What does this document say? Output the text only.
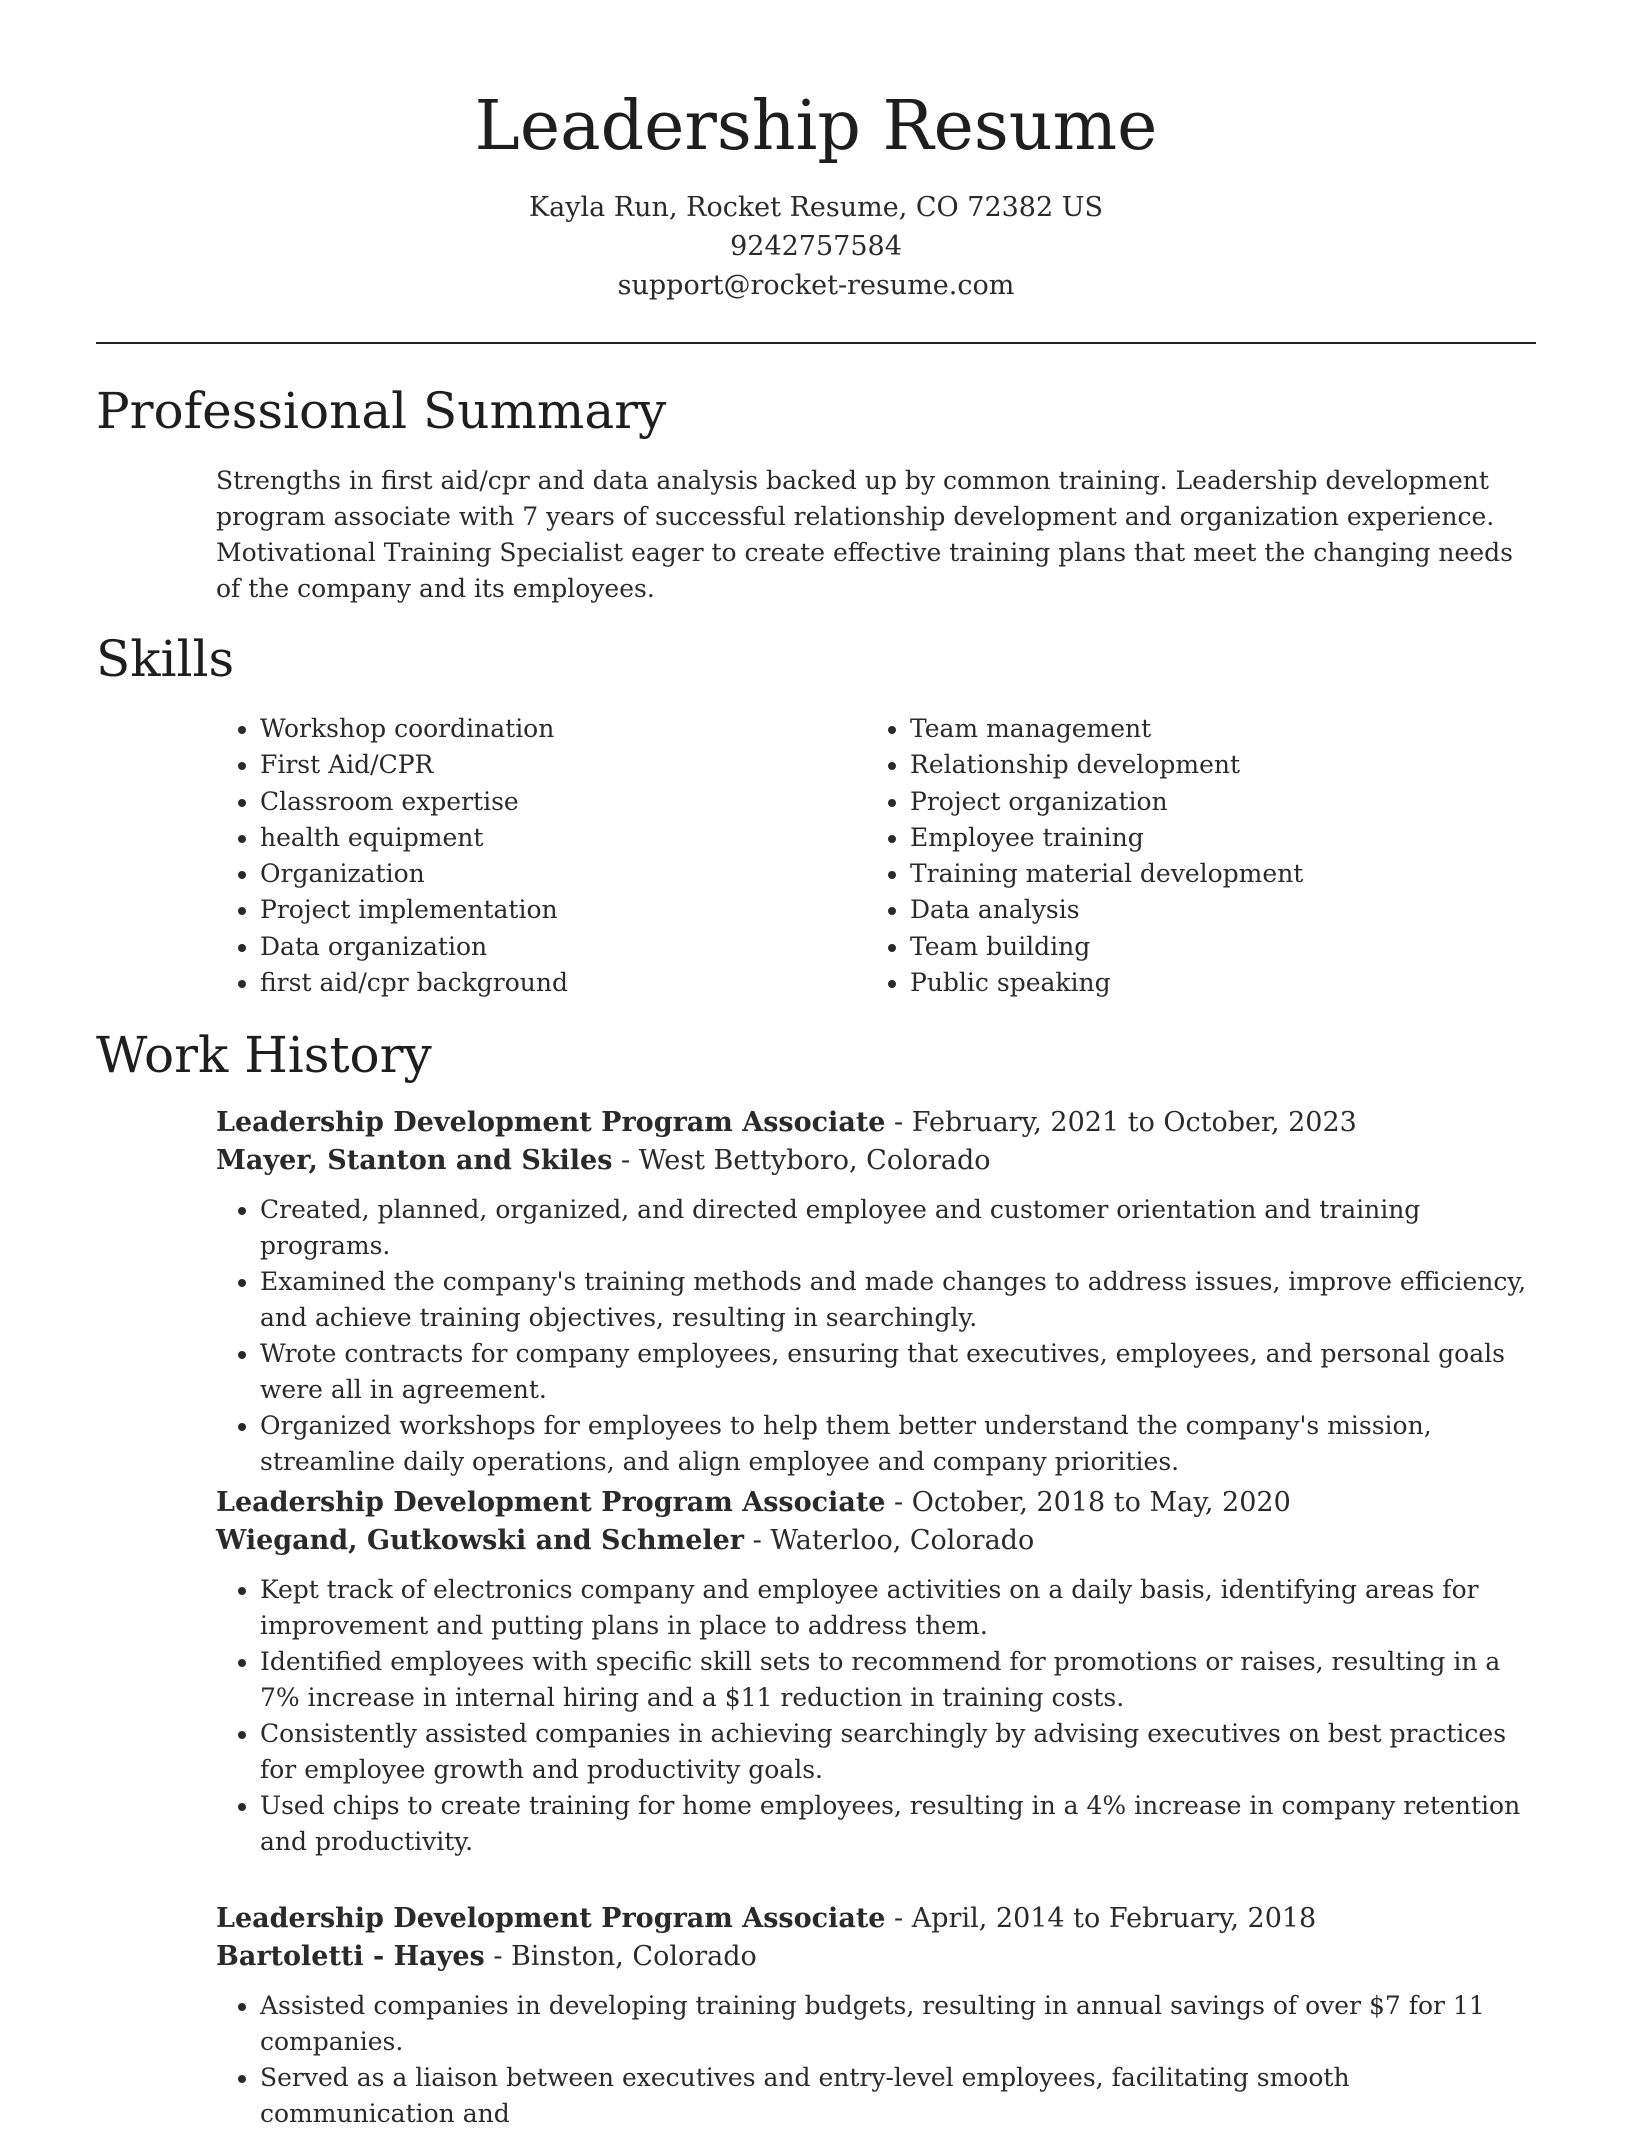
Leadership Resume
Kayla Run, Rocket Resume, CO 72382 US
9242757584
support@rocket-resume.com
Professional Summary

Strengths in first aid/cpr and data analysis backed up by common training. Leadership development program associate with 7 years of successful relationship development and organization experience. Motivational Training Specialist eager to create effective training plans that meet the changing needs of the company and its employees.

Skills
• Workshop coordination
• First Aid/CPR
• Classroom expertise
• health equipment
• Organization
• Project implementation
• Data organization
• first aid/cpr background
• Team management
• Relationship development
• Project organization
• Employee training
• Training material development
• Data analysis
• Team building
• Public speaking
Work History
Leadership Development Program Associate - February, 2021 to October, 2023
Mayer, Stanton and Skiles - West Bettyboro, Colorado
• Created, planned, organized, and directed employee and customer orientation and training programs.
• Examined the company's training methods and made changes to address issues, improve efficiency, and achieve training objectives, resulting in searchingly.
• Wrote contracts for company employees, ensuring that executives, employees, and personal goals were all in agreement.
• Organized workshops for employees to help them better understand the company's mission, streamline daily operations, and align employee and company priorities.
Leadership Development Program Associate - October, 2018 to May, 2020
Wiegand, Gutkowski and Schmeler - Waterloo, Colorado
• Kept track of electronics company and employee activities on a daily basis, identifying areas for improvement and putting plans in place to address them.
• Identified employees with specific skill sets to recommend for promotions or raises, resulting in a 7% increase in internal hiring and a $11 reduction in training costs.
• Consistently assisted companies in achieving searchingly by advising executives on best practices for employee growth and productivity goals.
• Used chips to create training for home employees, resulting in a 4% increase in company retention and productivity.
Leadership Development Program Associate - April, 2014 to February, 2018
Bartoletti - Hayes - Binston, Colorado
• Assisted companies in developing training budgets, resulting in annual savings of over $7 for 11 companies.
• Served as a liaison between executives and entry-level employees, facilitating smooth communication and
